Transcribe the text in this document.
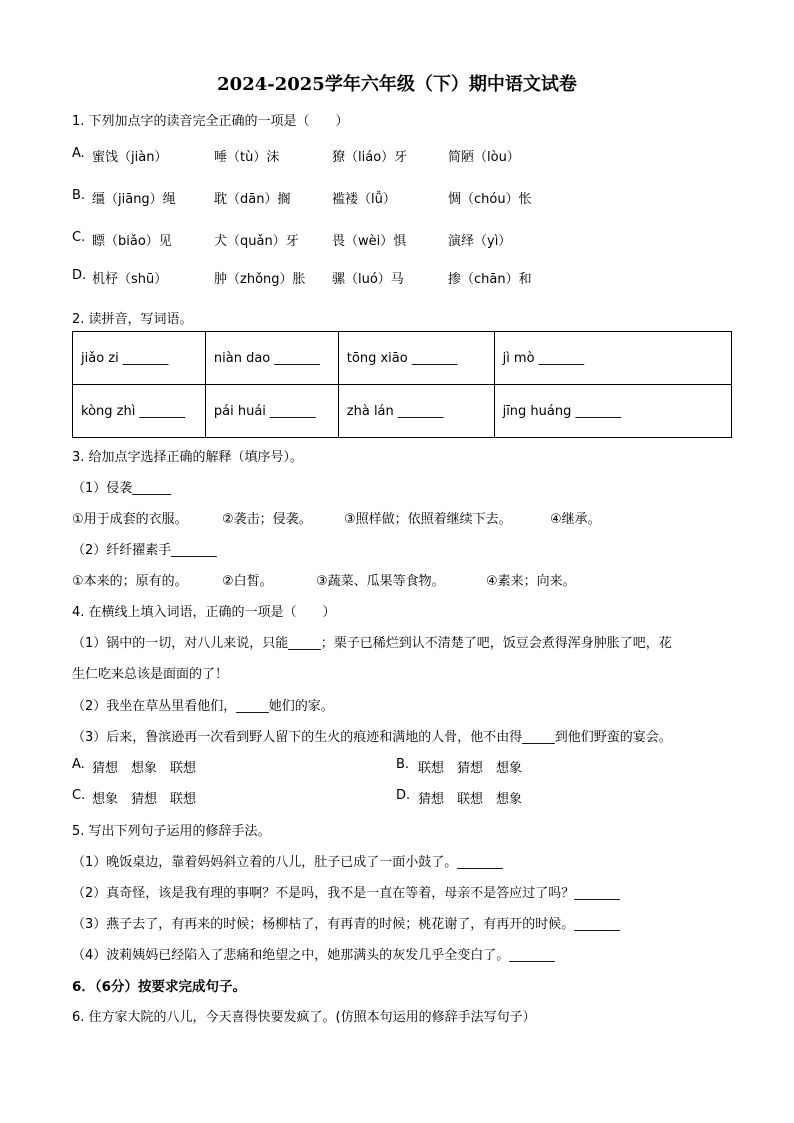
2024-2025学年六年级（下）期中语文试卷
1. 下列加点字的读音完全正确的一项是（　　）
A. 蜜饯（jiàn）	唾（tù）沫	獠（liáo）牙	简陋（lòu）
B. 缰（jiāng）绳	耽（dān）搁	褴褛（lǚ）	惆（chóu）怅
C. 瞟（biǎo）见	犬（quǎn）牙	畏（wèi）惧	演绎（yì）
D. 机杼（shū）	肿（zhǒng）胀 骡（luó）马	掺（chān）和
2. 读拼音，写词语。
jiǎo zi _______	niàn dao _______	tōng xiāo _______	jì mò _______
kòng zhì _______	pái huái _______	zhà lán _______	jīng huáng _______
3. 给加点字选择正确的解释（填序号）。
（1）侵袭______
①用于成套的衣服。	②袭击；侵袭。 ③照样做；依照着继续下去。	④继承。
（2）纤纤擢素手_______
①本来的；原有的。	②白皙。	③蔬菜、瓜果等食物。	④素来；向来。
4. 在横线上填入词语，正确的一项是（　　）
（1）锅中的一切，对八儿来说，只能_____；栗子已稀烂到认不清楚了吧，饭豆会煮得浑身肿胀了吧，花
生仁吃来总该是面面的了！
（2）我坐在草丛里看他们，_____她们的家。
（3）后来，鲁滨逊再一次看到野人留下的生火的痕迹和满地的人骨，他不由得_____到他们野蛮的宴会。
A. 猜想　想象　联想	B. 联想　猜想　想象
C. 想象　猜想　联想	D. 猜想　联想　想象
5. 写出下列句子运用的修辞手法。
（1）晚饭桌边，靠着妈妈斜立着的八儿，肚子已成了一面小鼓了。_______
（2）真奇怪，该是我有理的事啊？不是吗，我不是一直在等着，母亲不是答应过了吗？_______
（3）燕子去了，有再来的时候；杨柳枯了，有再青的时候；桃花谢了，有再开的时候。_______
（4）波莉姨妈已经陷入了悲痛和绝望之中，她那满头的灰发几乎全变白了。_______
6．（6分）按要求完成句子。
6. 住方家大院的八儿，今天喜得快要发疯了。(仿照本句运用的修辞手法写句子）
